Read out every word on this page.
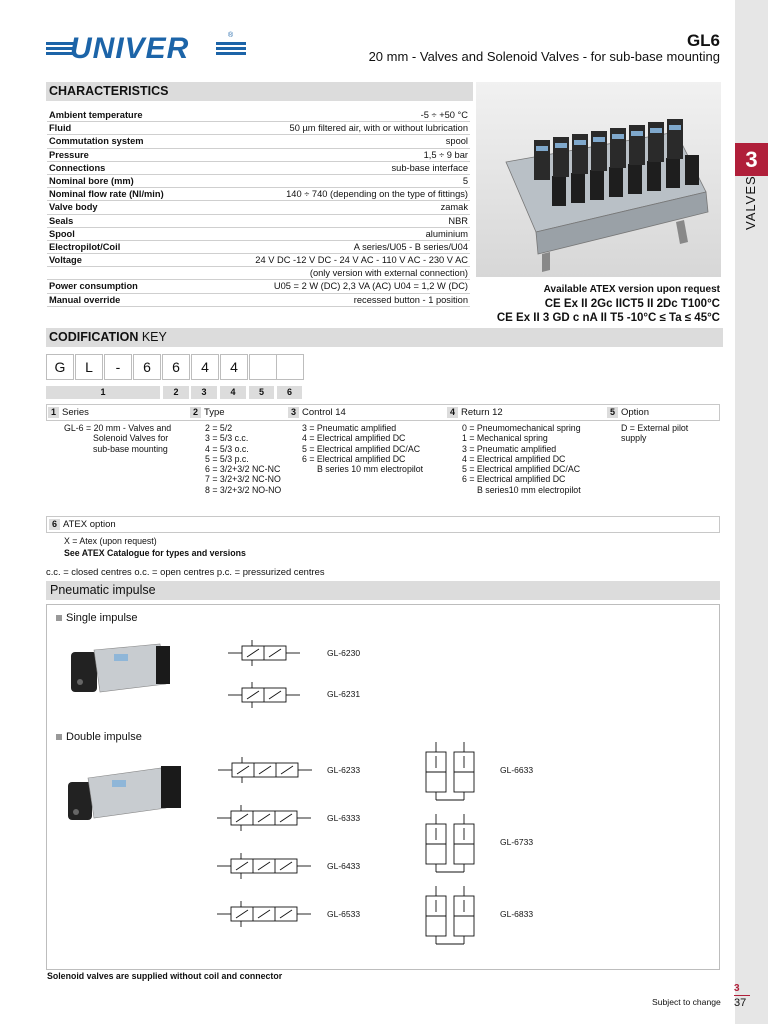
3
VALVES
UNIVER	®	GL6
20 mm - Valves and Solenoid Valves - for sub-base mounting
CHARACTERISTICS
Ambient temperature	-5 ÷ +50 °C
Fluid	50 µm filtered air, with or without lubrication
Commutation system	spool
Pressure	1,5 ÷ 9 bar
Connections	sub-base interface
Nominal bore (mm)	5
Nominal flow rate (Nl/min)	140 ÷ 740 (depending on the type of fittings)
Valve body	zamak
Seals	NBR
Spool	aluminium
Electropilot/Coil	A series/U05 - B series/U04
Voltage	24 V DC -12 V DC - 24 V AC - 110 V AC - 230 V AC
	(only version with external connection)
Power consumption	U05 = 2 W (DC) 2,3 VA (AC) U04 = 1,2 W (DC)
Manual override	recessed button - 1 position
Available ATEX version upon request
CE Ex II 2Gc IICT5 II 2Dc T100°C
CE Ex II 3 GD c nA II T5 -10°C ≤ Ta ≤ 45°C
CODIFICATION KEY
G	L	-	6	6	4	4
1	2	3	4	5	6
1 Series
GL-6 = 20 mm - Valves and
Solenoid Valves for
sub-base mounting
2 Type
2 = 5/2
3 = 5/3 c.c.
4 = 5/3 o.c.
5 = 5/3 p.c.
6 = 3/2+3/2 NC-NC
7 = 3/2+3/2 NC-NO
8 = 3/2+3/2 NO-NO
3 Control 14
3 = Pneumatic amplified
4 = Electrical amplified DC
5 = Electrical amplified DC/AC
6 = Electrical amplified DC
B series 10 mm electropilot
4 Return 12
0 = Pneumomechanical spring
1 = Mechanical spring
3 = Pneumatic amplified
4 = Electrical amplified DC
5 = Electrical amplified DC/AC
6 = Electrical amplified DC
B series10 mm electropilot
5 Option
D = External pilot
supply
6 ATEX option
X = Atex (upon request)
See ATEX Catalogue for types and versions
c.c. = closed centres o.c. = open centres p.c. = pressurized centres
Pneumatic impulse
Single impulse
Double impulse
GL-6230
GL-6231
GL-6233
GL-6333
GL-6433
GL-6533
GL-6633
GL-6733
GL-6833
Solenoid valves are supplied without coil and connector
Subject to change
3
37
